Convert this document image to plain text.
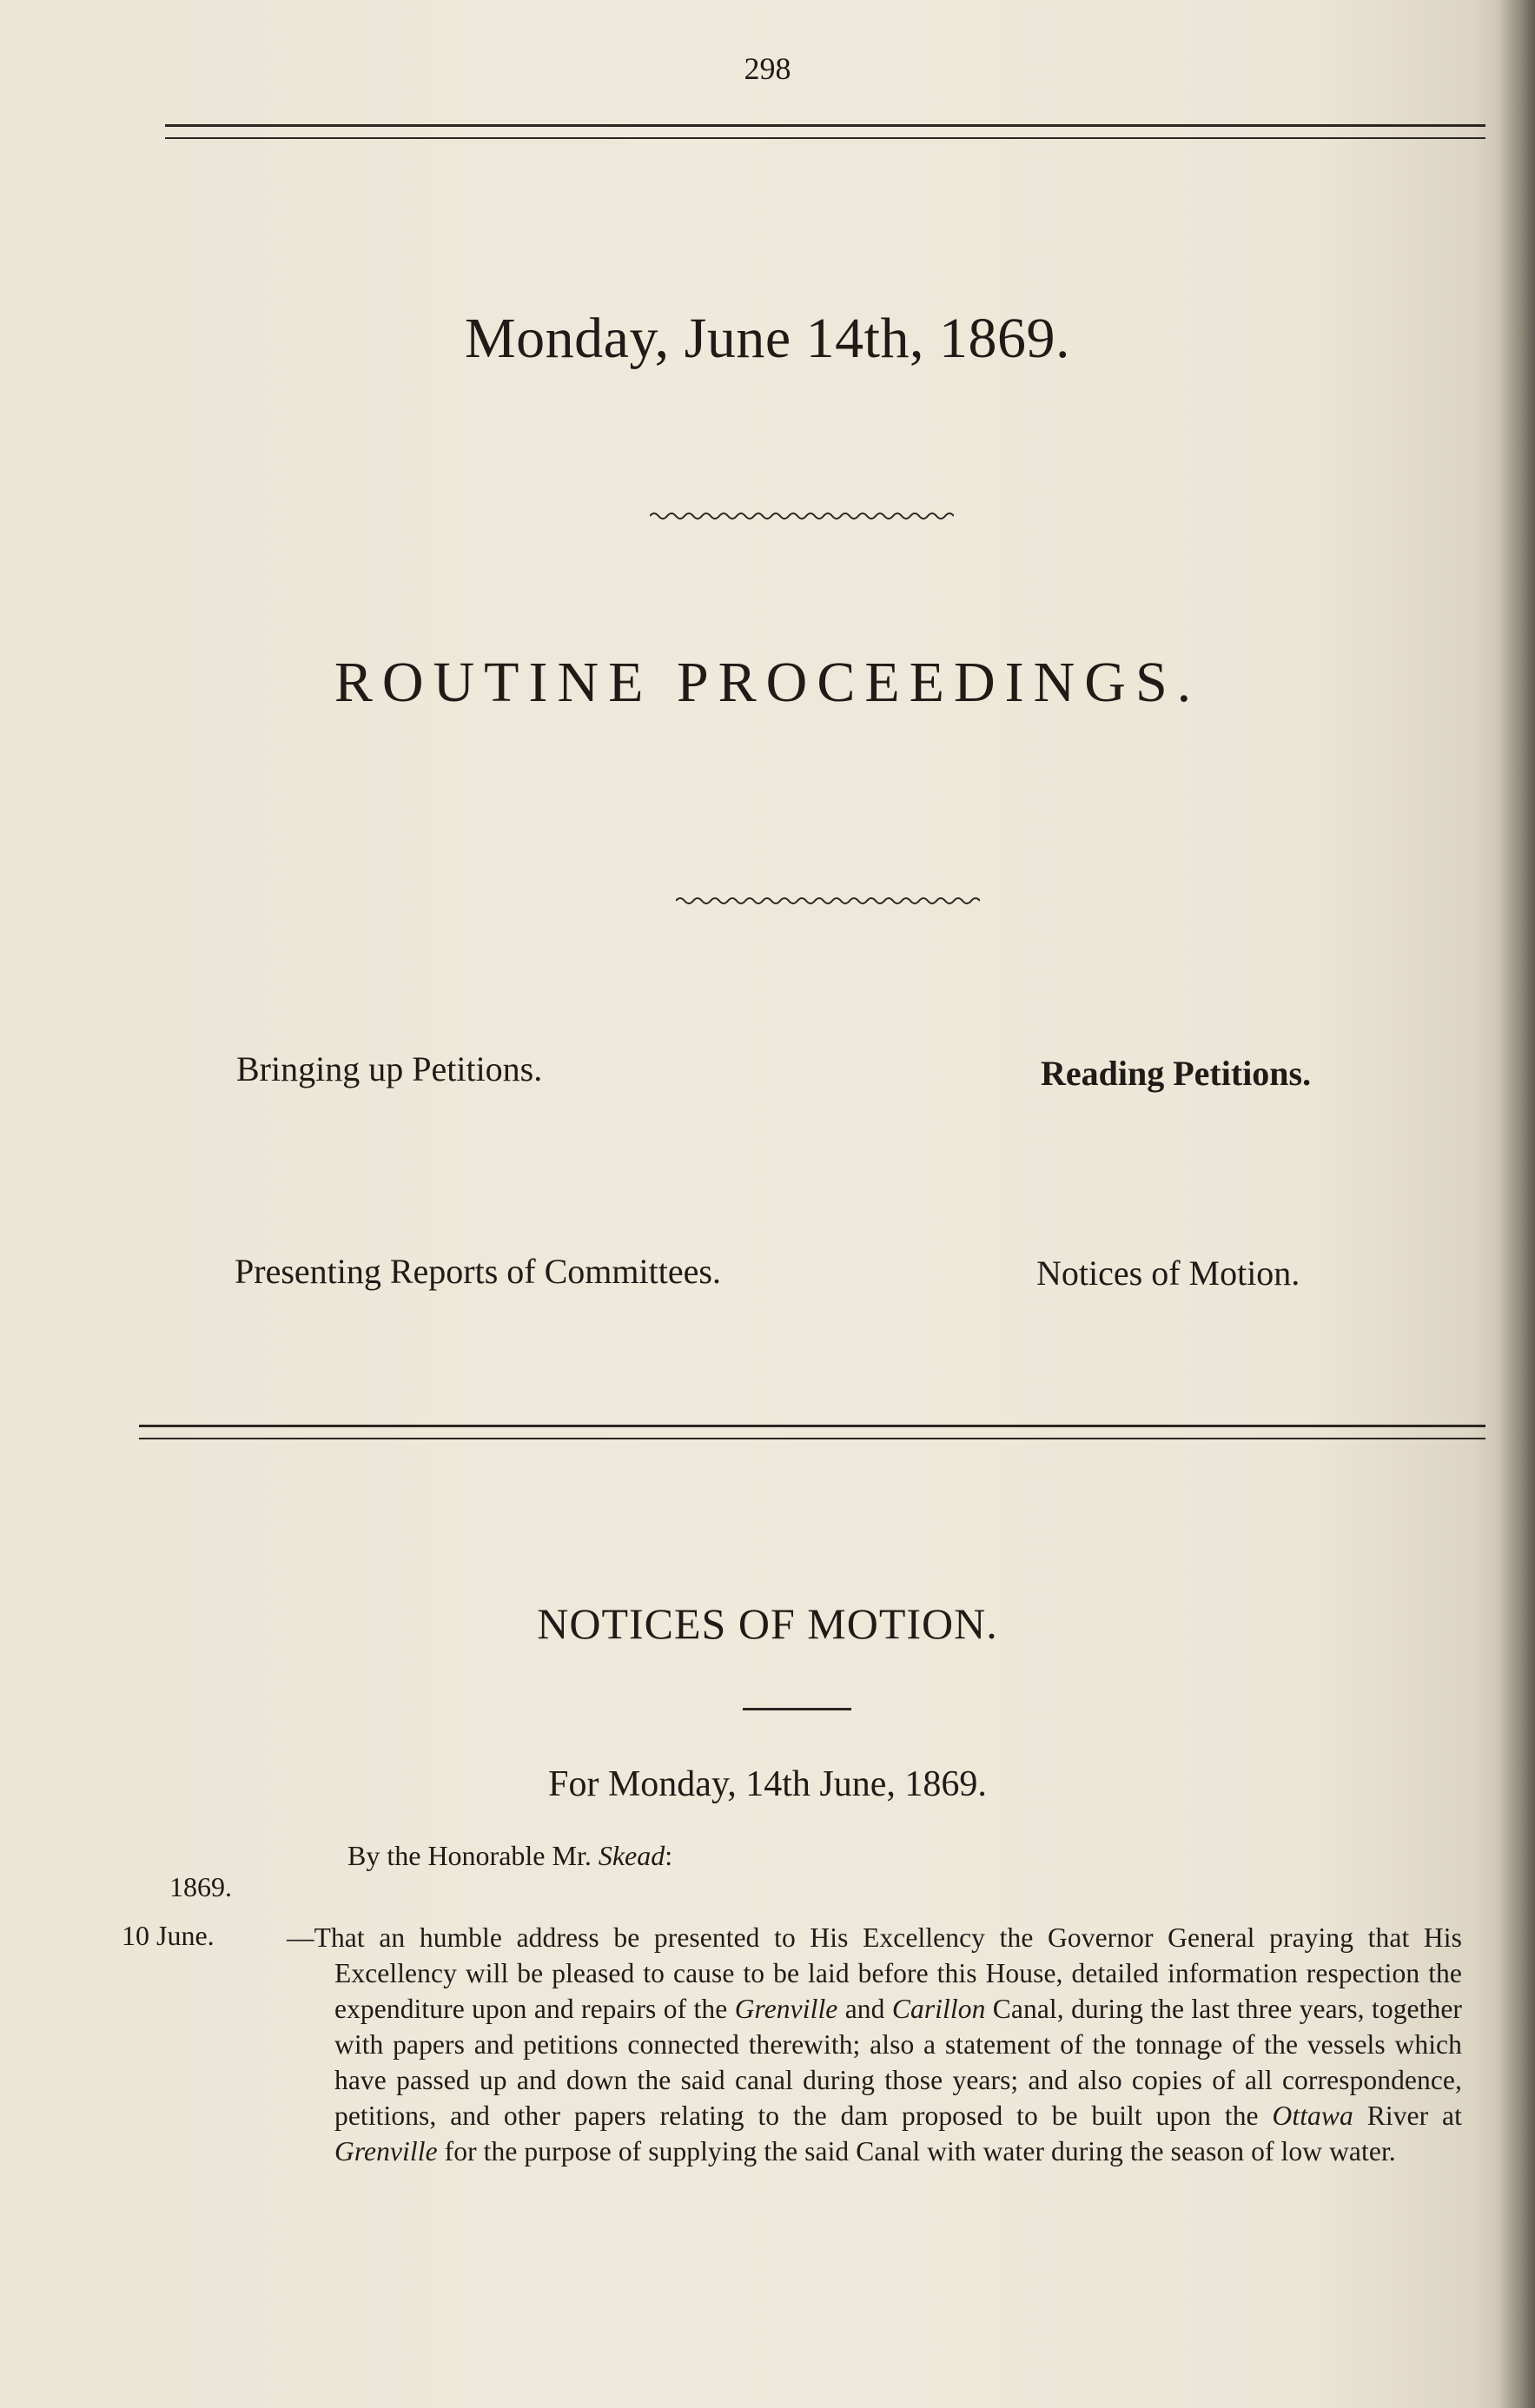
298
Monday, June 14th, 1869.
ROUTINE PROCEEDINGS.
Bringing up Petitions.	Reading Petitions.
Presenting Reports of Committees.	Notices of Motion.
NOTICES OF MOTION.
For Monday, 14th June, 1869.
By the Honorable Mr. Skead:
1869.
10 June.	—That an humble address be presented to His Excellency the Governor General praying that His Excellency will be pleased to cause to be laid before this House, detailed information respection the expenditure upon and repairs of the Grenville and Carillon Canal, during the last three years, together with papers and petitions connected therewith; also a statement of the tonnage of the vessels which have passed up and down the said canal during those years; and also copies of all correspondence, petitions, and other papers relating to the dam proposed to be built upon the Ottawa River at Grenville for the purpose of supplying the said Canal with water during the season of low water.
